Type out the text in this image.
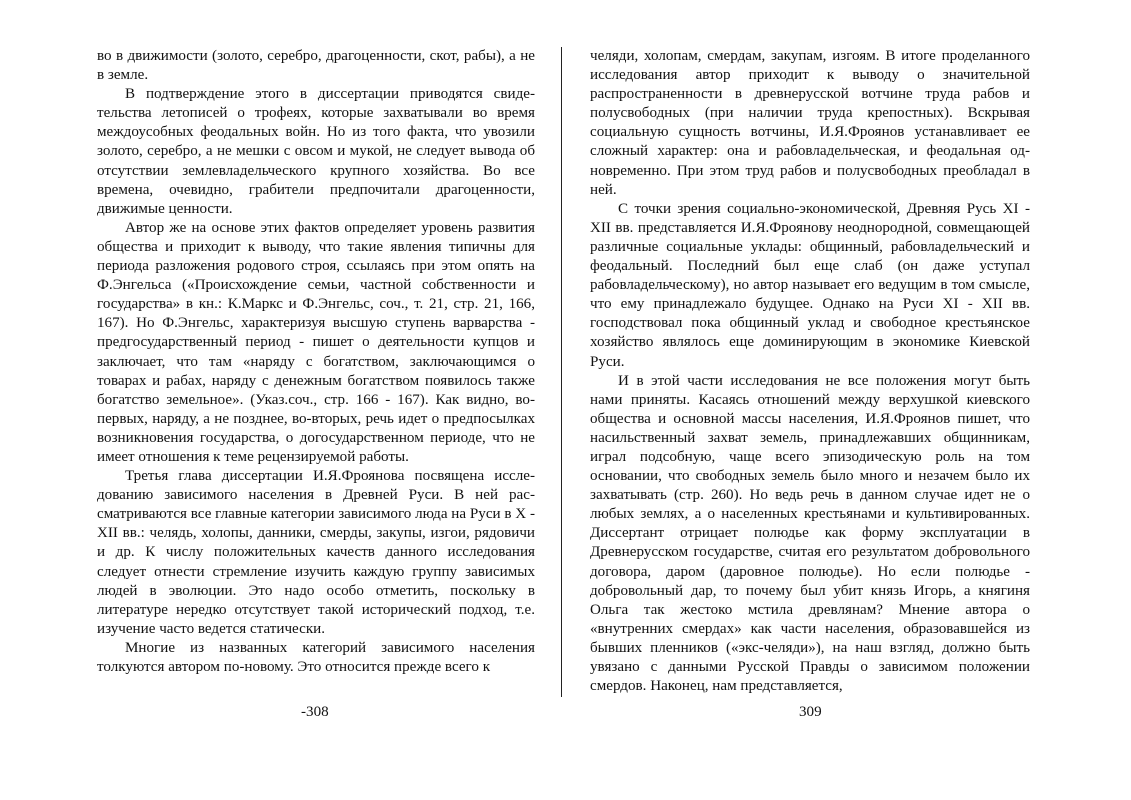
во в движимости (золото, серебро, драгоценности, скот, рабы), а не в земле.

В подтверждение этого в диссертации приводятся свидетельства летописей о трофеях, которые захватывали во время междоусобных феодальных войн. Но из того факта, что увозили золото, серебро, а не мешки с овсом и мукой, не следует вывода об отсутствии землевладельческого крупного хозяйства. Во все времена, очевидно, грабители предпочитали драгоценности, движимые ценности.

Автор же на основе этих фактов определяет уровень развития общества и приходит к выводу, что такие явления типичны для периода разложения родового строя, ссылаясь при этом опять на Ф.Энгельса («Происхождение семьи, частной собственности и государства» в кн.: К.Маркс и Ф.Энгельс, соч., т. 21, стр. 21, 166, 167). Но Ф.Энгельс, характеризуя высшую ступень варварства - предгосударственный период - пишет о деятельности купцов и заключает, что там «наряду с богатством, заключающимся о товарах и рабах, наряду с денежным богатством появилось также богатство земельное». (Указ.соч., стр. 166 - 167). Как видно, во-первых, наряду, а не позднее, во-вторых, речь идет о предпосылках возникновения государства, о догосударственном периоде, что не имеет отношения к теме рецензируемой работы.

Третья глава диссертации И.Я.Фроянова посвящена исследованию зависимого населения в Древней Руси. В ней рассматриваются все главные категории зависимого люда на Руси в X - XII вв.: челядь, холопы, данники, смерды, закупы, изгои, рядовичи и др. К числу положительных качеств данного исследования следует отнести стремление изучить каждую группу зависимых людей в эволюции. Это надо особо отметить, поскольку в литературе нередко отсутствует такой исторический подход, т.е. изучение часто ведется статически.

Многие из названных категорий зависимого населения толкуются автором по-новому. Это относится прежде всего к

челяди, холопам, смердам, закупам, изгоям. В итоге проделанного исследования автор приходит к выводу о значительной распространенности в древнерусской вотчине труда рабов и полусвободных (при наличии труда крепостных). Вскрывая социальную сущность вотчины, И.Я.Фроянов устанавливает ее сложный характер: она и рабовладельческая, и феодальная одновременно. При этом труд рабов и полусвободных преобладал в ней.

С точки зрения социально-экономической, Древняя Русь XI - XII вв. представляется И.Я.Фроянову неоднородной, совмещающей различные социальные уклады: общинный, рабовладельческий и феодальный. Последний был еще слаб (он даже уступал рабовладельческому), но автор называет его ведущим в том смысле, что ему принадлежало будущее. Однако на Руси XI - XII вв. господствовал пока общинный уклад и свободное крестьянское хозяйство являлось еще доминирующим в экономике Киевской Руси.

И в этой части исследования не все положения могут быть нами приняты. Касаясь отношений между верхушкой киевского общества и основной массы населения, И.Я.Фроянов пишет, что насильственный захват земель, принадлежавших общинникам, играл подсобную, чаще всего эпизодическую роль на том основании, что свободных земель было много и незачем было их захватывать (стр. 260). Но ведь речь в данном случае идет не о любых землях, а о населенных крестьянами и культивированных. Диссертант отрицает полюдье как форму эксплуатации в Древнерусском государстве, считая его результатом добровольного договора, даром (даровное полюдье). Но если полюдье - добровольный дар, то почему был убит князь Игорь, а княгиня Ольга так жестоко мстила древлянам? Мнение автора о «внутренних смердах» как части населения, образовавшейся из бывших пленников («экс-челяди»), на наш взгляд, должно быть увязано с данными Русской Правды о зависимом положении смердов. Наконец, нам представляется,

-308	309
